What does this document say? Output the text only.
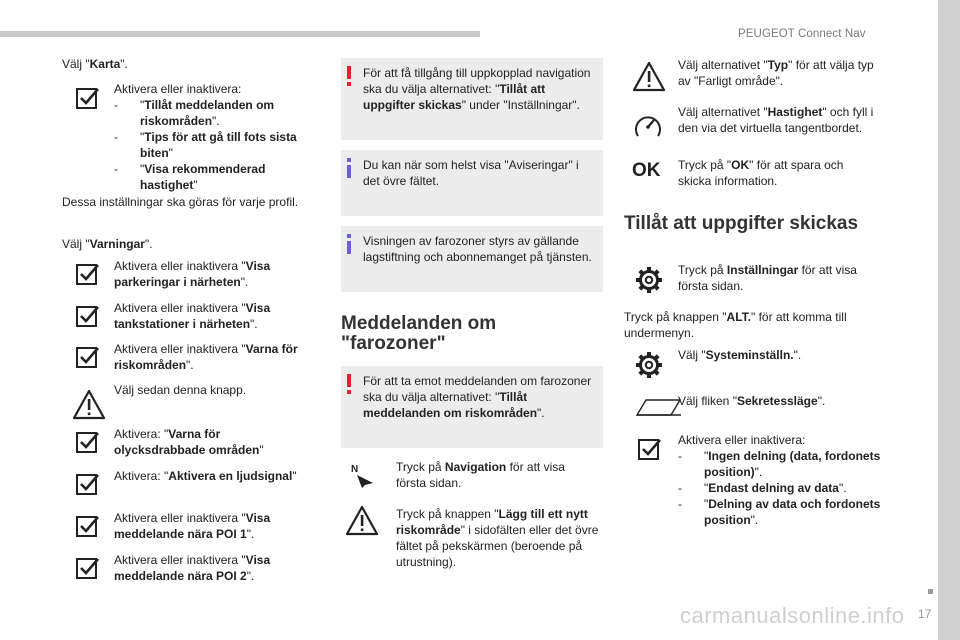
PEUGEOT Connect Nav
17
carmanualsonline.info
Välj "Karta".
Aktivera eller inaktivera:
- "Tillåt meddelanden om riskområden".
- "Tips för att gå till fots sista biten"
- "Visa rekommenderad hastighet"
Dessa inställningar ska göras för varje profil.
Välj "Varningar".
Aktivera eller inaktivera "Visa parkeringar i närheten".
Aktivera eller inaktivera "Visa tankstationer i närheten".
Aktivera eller inaktivera "Varna för riskområden".
Välj sedan denna knapp.
Aktivera: "Varna för olycksdrabbade områden"
Aktivera: "Aktivera en ljudsignal"
Aktivera eller inaktivera "Visa meddelande nära POI 1".
Aktivera eller inaktivera "Visa meddelande nära POI 2".
För att få tillgång till uppkopplad navigation ska du välja alternativet: "Tillåt att uppgifter skickas" under "Inställningar".
Du kan när som helst visa "Aviseringar" i det övre fältet.
Visningen av farozoner styrs av gällande lagstiftning och abonnemanget på tjänsten.
Meddelanden om "farozoner"
För att ta emot meddelanden om farozoner ska du välja alternativet: "Tillåt meddelanden om riskområden".
N	Tryck på Navigation för att visa första sidan.
Tryck på knappen "Lägg till ett nytt riskområde" i sidofälten eller det övre fältet på pekskärmen (beroende på utrustning).
Välj alternativet "Typ" för att välja typ av "Farligt område".
Välj alternativet "Hastighet" och fyll i den via det virtuella tangentbordet.
OK Tryck på "OK" för att spara och skicka information.
Tillåt att uppgifter skickas
Tryck på Inställningar för att visa första sidan.
Tryck på knappen "ALT." för att komma till undermenyn.
Välj "Systeminställn.".
Välj fliken "Sekretessläge".
Aktivera eller inaktivera:
- "Ingen delning (data, fordonets position)".
- "Endast delning av data".
- "Delning av data och fordonets position".
